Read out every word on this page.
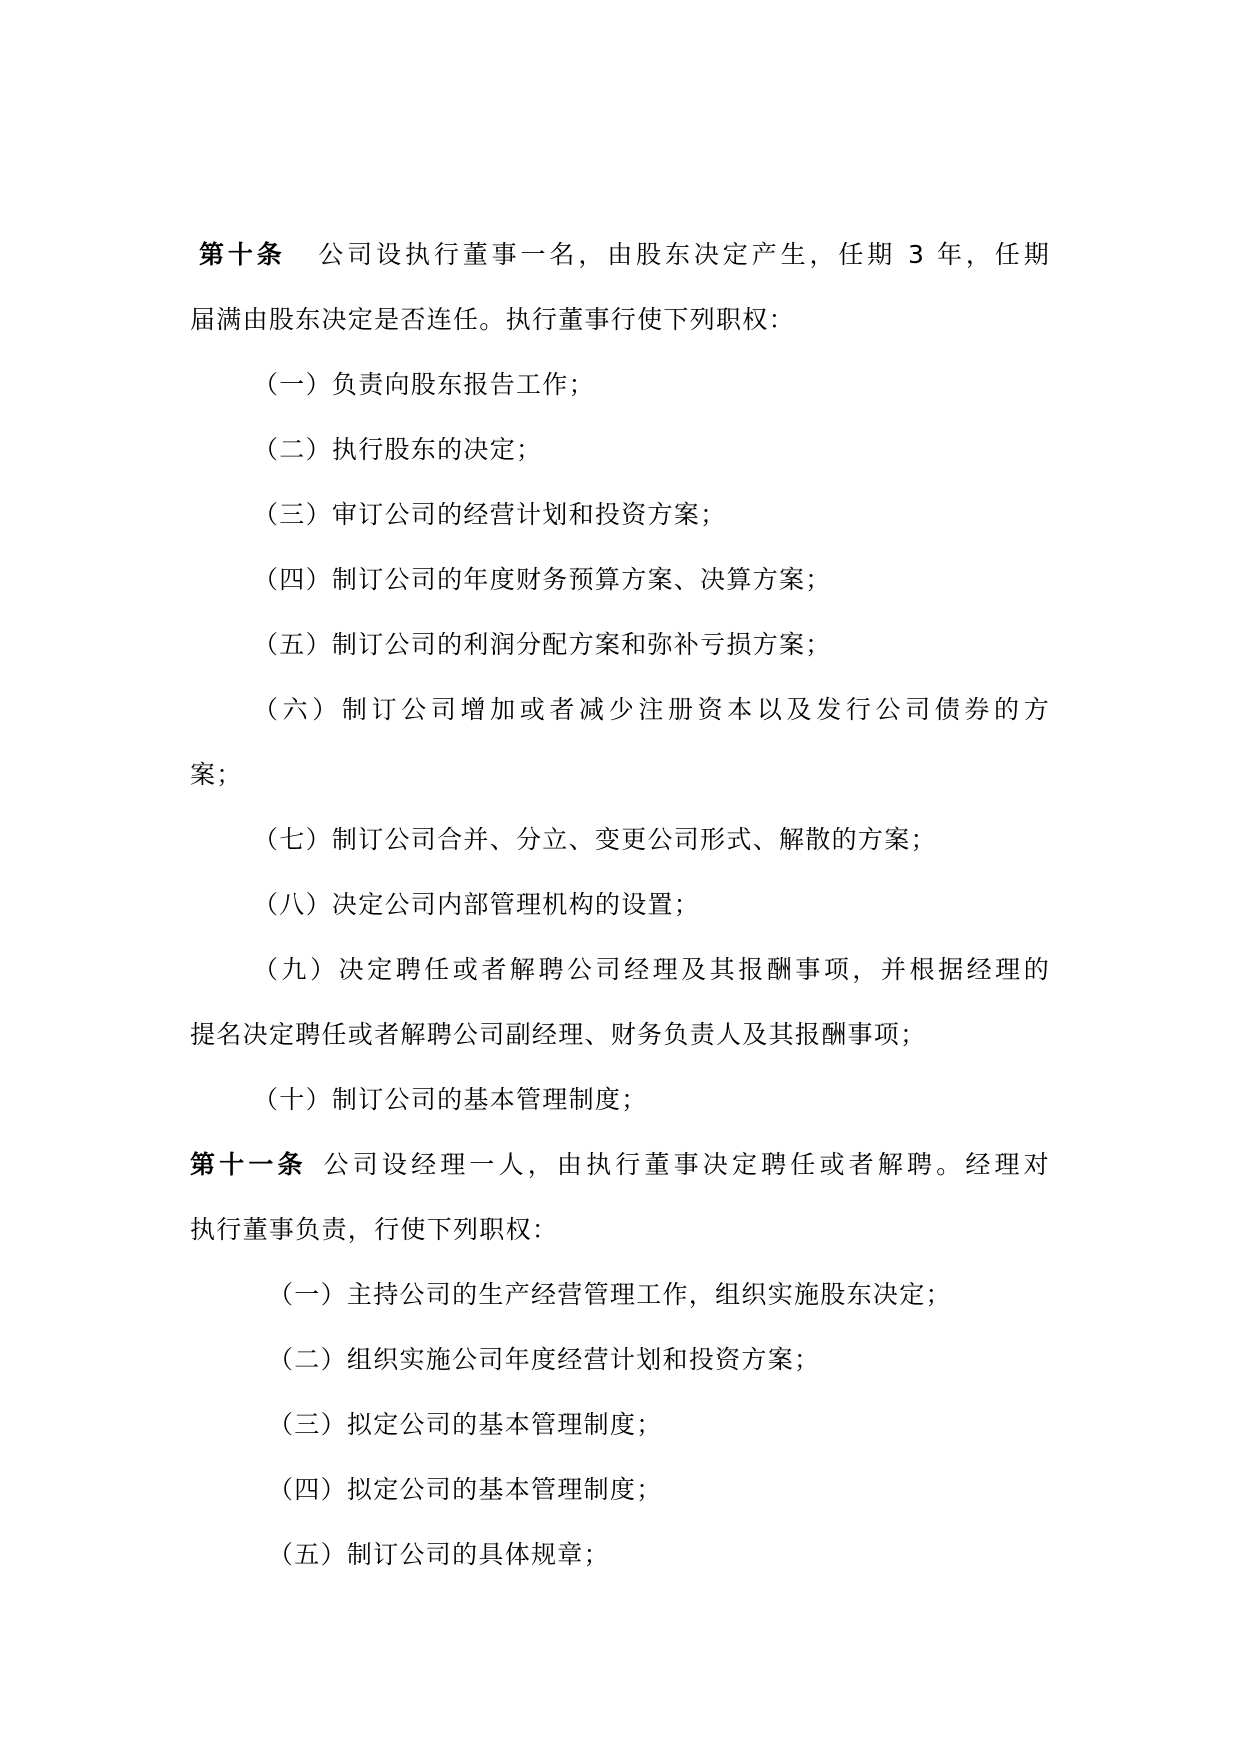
第十条 公司设执行董事一名，由股东决定产生，任期 3 年，任期
届满由股东决定是否连任。执行董事行使下列职权：
（一）负责向股东报告工作；
（二）执行股东的决定；
（三）审订公司的经营计划和投资方案；
（四）制订公司的年度财务预算方案、决算方案；
（五）制订公司的利润分配方案和弥补亏损方案；
（六）制订公司增加或者减少注册资本以及发行公司债券的方
案；
（七）制订公司合并、分立、变更公司形式、解散的方案；
（八）决定公司内部管理机构的设置；
（九）决定聘任或者解聘公司经理及其报酬事项，并根据经理的
提名决定聘任或者解聘公司副经理、财务负责人及其报酬事项；
（十）制订公司的基本管理制度；
第十一条 公司设经理一人，由执行董事决定聘任或者解聘。经理对
执行董事负责，行使下列职权：
（一）主持公司的生产经营管理工作，组织实施股东决定；
（二）组织实施公司年度经营计划和投资方案；
（三）拟定公司的基本管理制度；
（四）拟定公司的基本管理制度；
（五）制订公司的具体规章；
